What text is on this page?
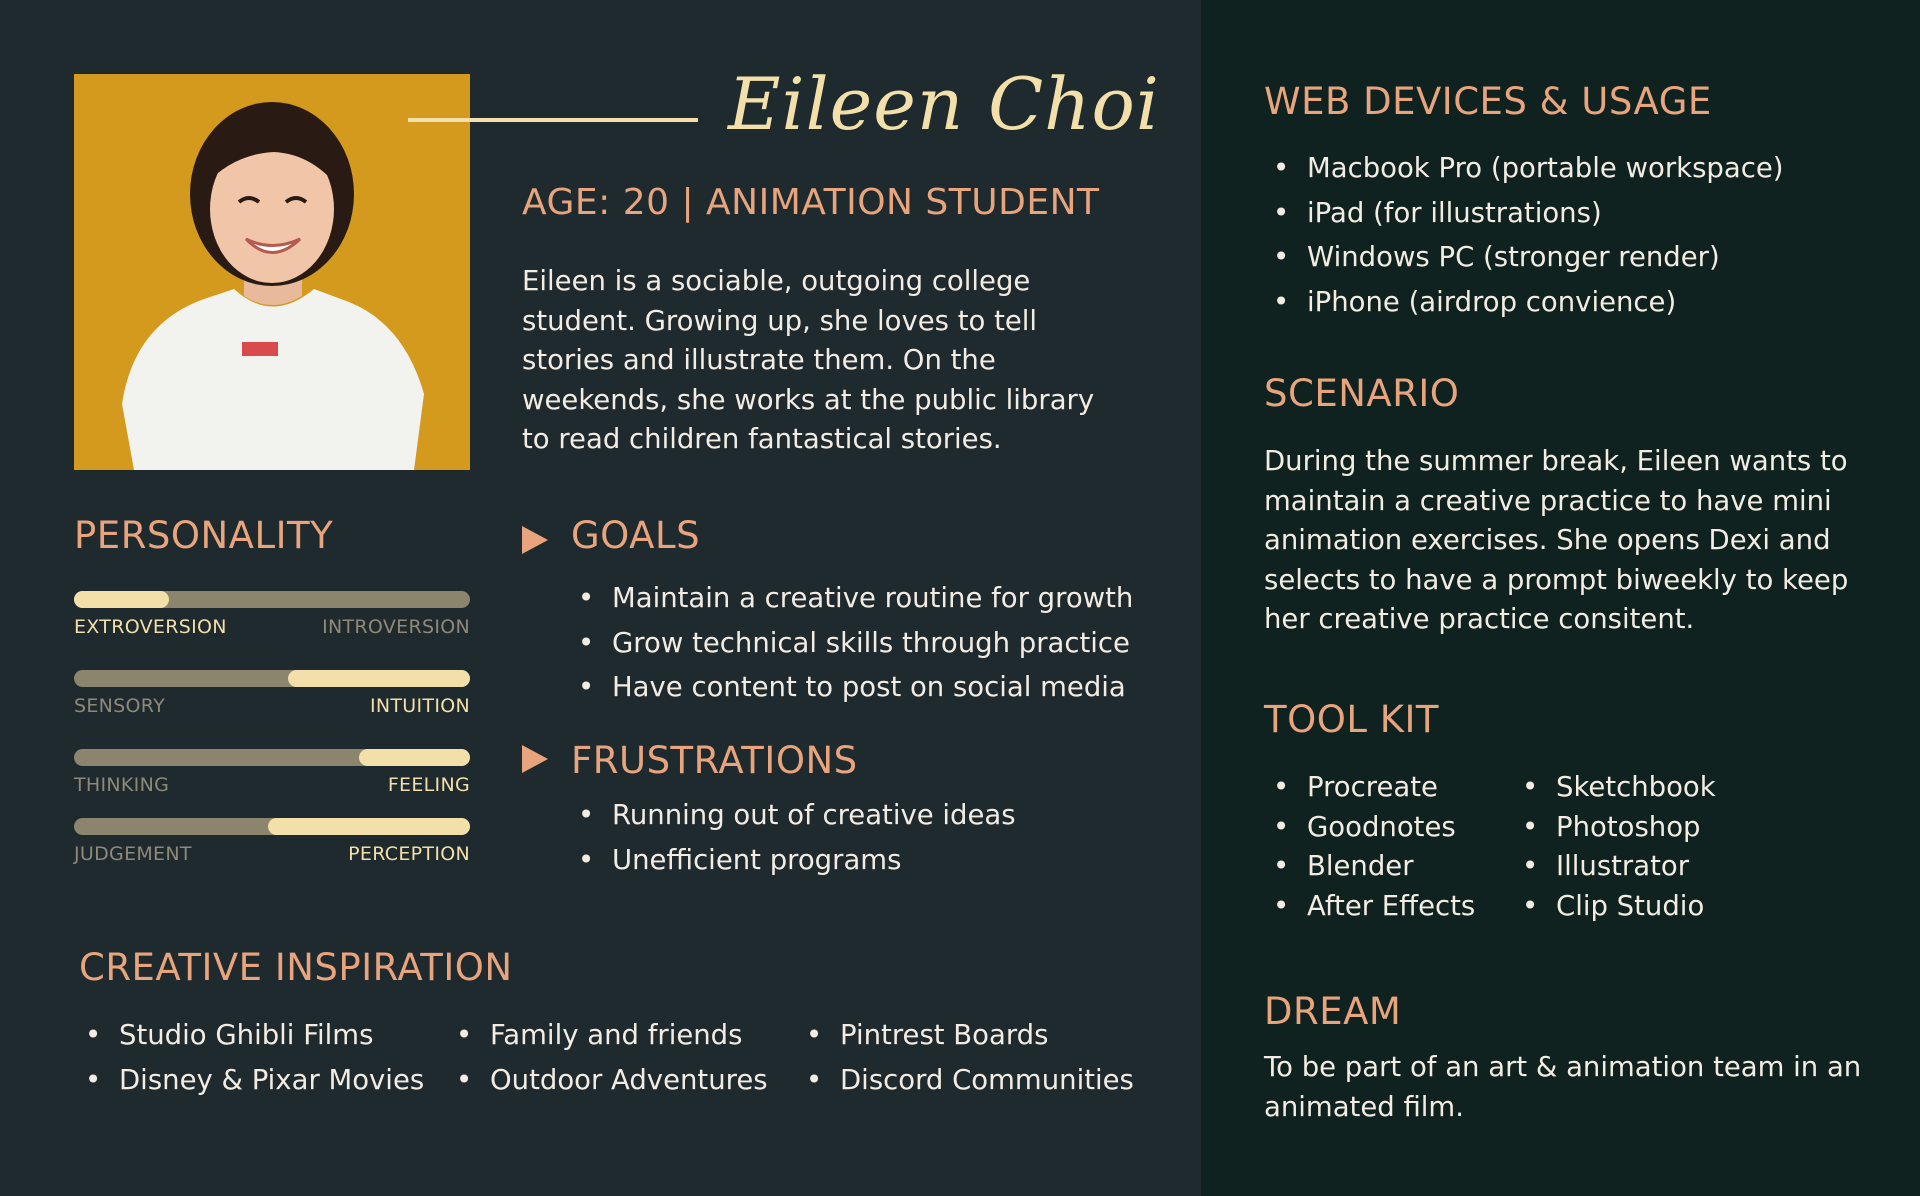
Eileen Choi
AGE: 20 | ANIMATION STUDENT
Eileen is a sociable, outgoing college student. Growing up, she loves to tell stories and illustrate them. On the weekends, she works at the public library to read children fantastical stories.
PERSONALITY
EXTROVERSION	INTROVERSION
SENSORY	INTUITION
THINKING	FEELING
JUDGEMENT	PERCEPTION
GOALS
• Maintain a creative routine for growth
• Grow technical skills through practice
• Have content to post on social media
FRUSTRATIONS
• Running out of creative ideas
• Unefficient programs
CREATIVE INSPIRATION
• Studio Ghibli Films
• Disney & Pixar Movies
• Family and friends
• Outdoor Adventures
• Pintrest Boards
• Discord Communities
WEB DEVICES & USAGE
• Macbook Pro (portable workspace)
• iPad (for illustrations)
• Windows PC (stronger render)
• iPhone (airdrop convience)
SCENARIO
During the summer break, Eileen wants to maintain a creative practice to have mini animation exercises. She opens Dexi and selects to have a prompt biweekly to keep her creative practice consitent.
TOOL KIT
• Procreate
• Goodnotes
• Blender
• After Effects
• Sketchbook
• Photoshop
• Illustrator
• Clip Studio
DREAM
To be part of an art & animation team in an animated film.
